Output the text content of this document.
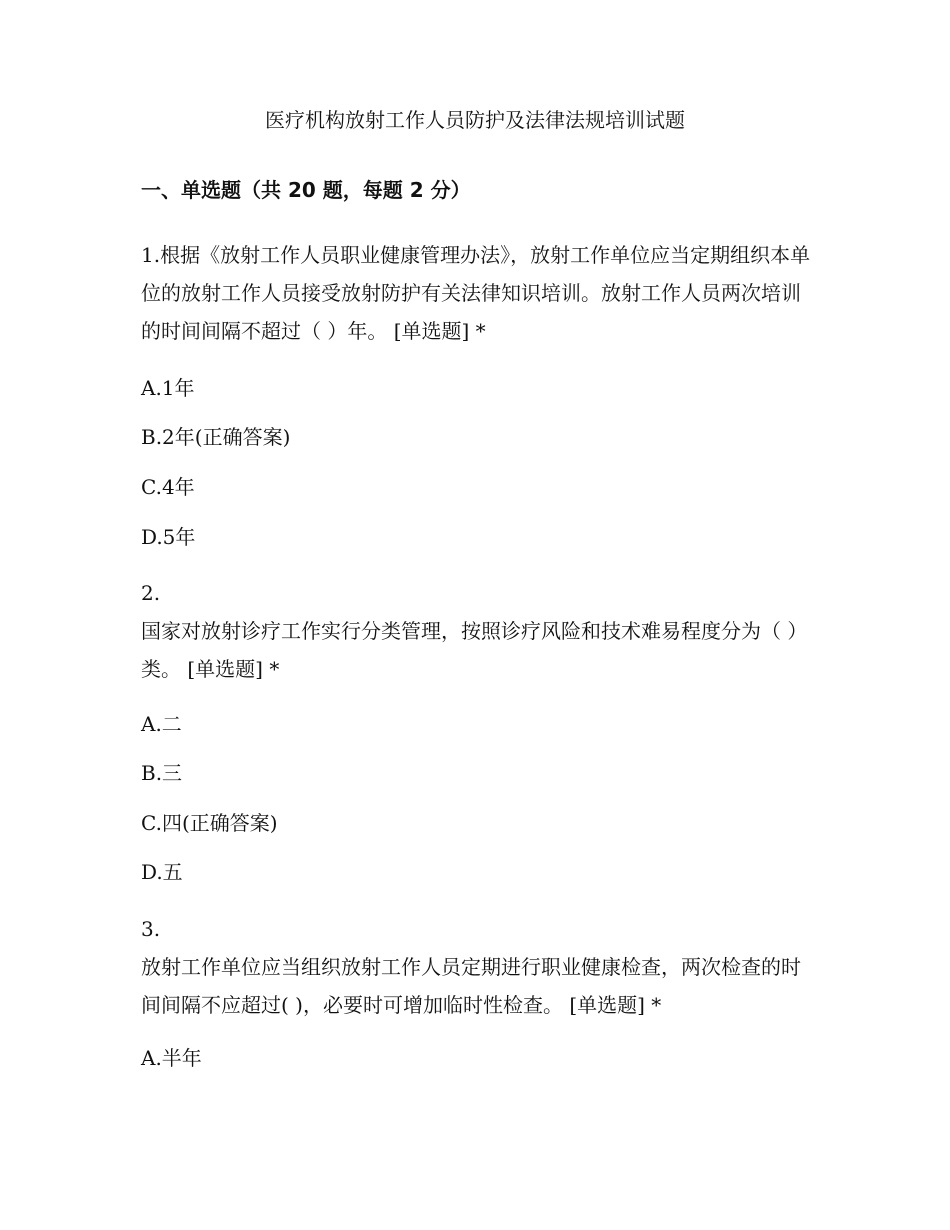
医疗机构放射工作人员防护及法律法规培训试题
一、单选题（共 20 题，每题 2 分）

1.根据《放射工作人员职业健康管理办法》，放射工作单位应当定期组织本单位的放射工作人员接受放射防护有关法律知识培训。放射工作人员两次培训的时间间隔不超过（ ）年。 [单选题] *

A.1年
B.2年(正确答案)
C.4年
D.5年
2.

国家对放射诊疗工作实行分类管理，按照诊疗风险和技术难易程度分为（ ）类。 [单选题] *

A.二
B.三
C.四(正确答案)
D.五
3.

放射工作单位应当组织放射工作人员定期进行职业健康检查，两次检查的时间间隔不应超过( )，必要时可增加临时性检查。 [单选题] *

A.半年
